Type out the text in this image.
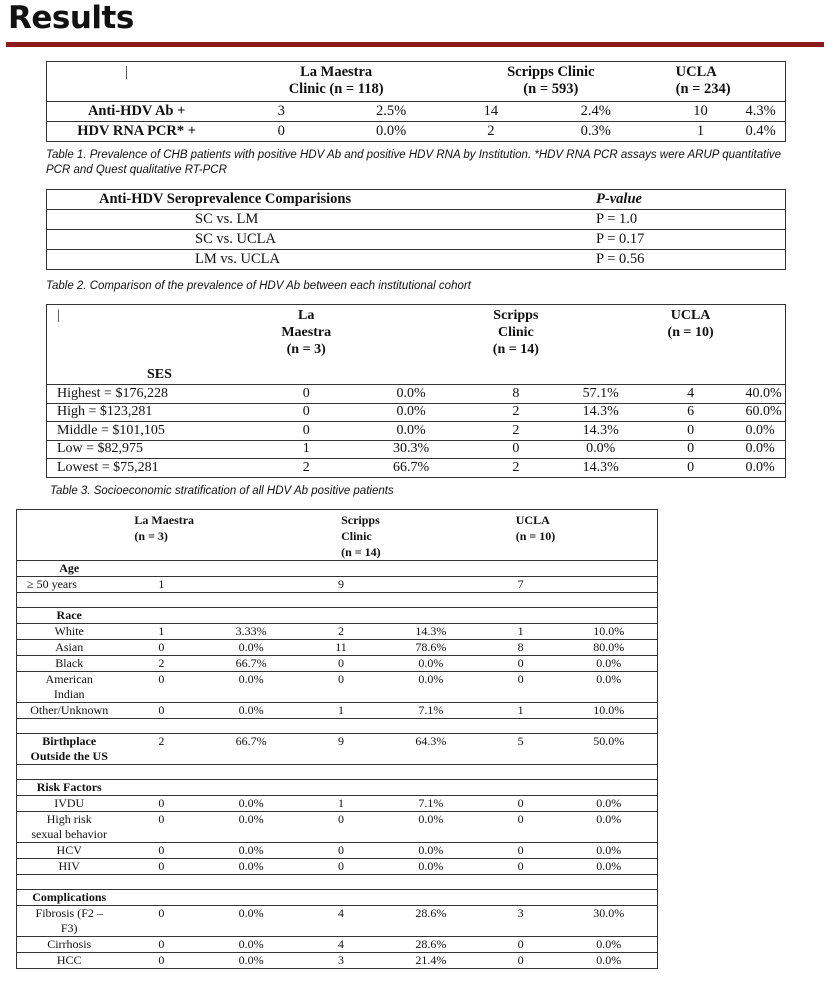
Results
|	La Maestra
Clinic (n = 118)		Scripps Clinic
(n = 593)		UCLA
(n = 234)	
Anti-HDV Ab +	3	2.5%	14	2.4%	10	4.3%
HDV RNA PCR* +	0	0.0%	2	0.3%	1	0.4%
Table 1. Prevalence of CHB patients with positive HDV Ab and positive HDV RNA by Institution. *HDV RNA PCR assays were ARUP quantitative PCR and Quest qualitative RT-PCR
Anti-HDV Seroprevalence Comparisions	P-value
SC vs. LM	P = 1.0
SC vs. UCLA	P = 0.17
LM vs. UCLA	P = 0.56
Table 2. Comparison of the prevalence of HDV Ab between each institutional cohort
|	La
Maestra
(n = 3)		Scripps
Clinic
(n = 14)		UCLA
(n = 10)	
SES						
Highest = $176,228	0	0.0%	8	57.1%	4	40.0%
High = $123,281	0	0.0%	2	14.3%	6	60.0%
Middle = $101,105	0	0.0%	2	14.3%	0	0.0%
Low = $82,975	1	30.3%	0	0.0%	0	0.0%
Lowest = $75,281	2	66.7%	2	14.3%	0	0.0%
Table 3. Socioeconomic stratification of all HDV Ab positive patients
	La Maestra
(n = 3)		Scripps
Clinic
(n = 14)		UCLA
(n = 10)	
Age						
≥ 50 years	1		9		7	

Race						
White	1	3.33%	2	14.3%	1	10.0%
Asian	0	0.0%	11	78.6%	8	80.0%
Black	2	66.7%	0	0.0%	0	0.0%
American
Indian	0	0.0%	0	0.0%	0	0.0%
Other/Unknown	0	0.0%	1	7.1%	1	10.0%

Birthplace
Outside the US	2	66.7%	9	64.3%	5	50.0%

Risk Factors						
IVDU	0	0.0%	1	7.1%	0	0.0%
High risk
sexual behavior	0	0.0%	0	0.0%	0	0.0%
HCV	0	0.0%	0	0.0%	0	0.0%
HIV	0	0.0%	0	0.0%	0	0.0%

Complications						
Fibrosis (F2 –
F3)	0	0.0%	4	28.6%	3	30.0%
Cirrhosis	0	0.0%	4	28.6%	0	0.0%
HCC	0	0.0%	3	21.4%	0	0.0%
